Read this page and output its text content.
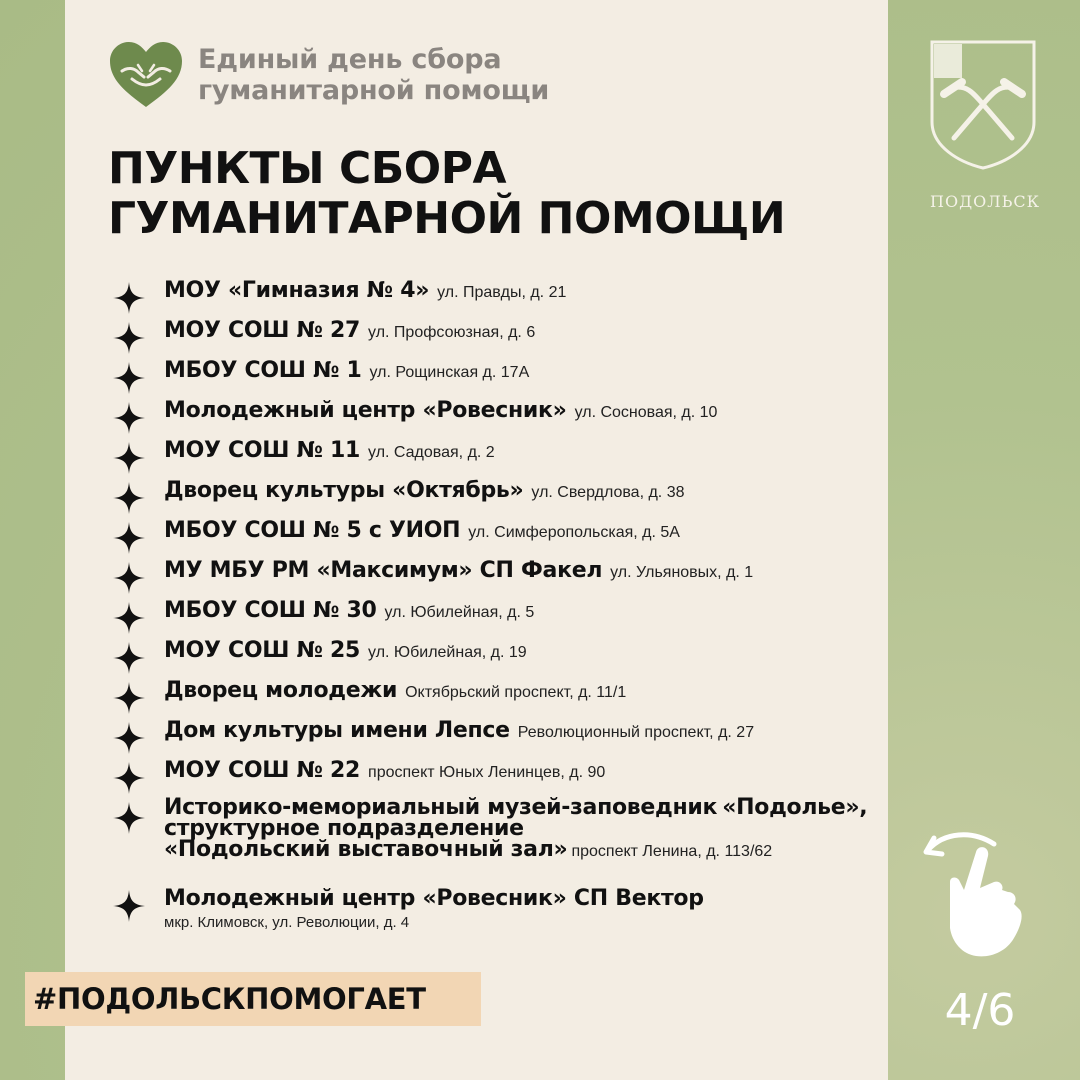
Единый день сбора
гуманитарной помощи
ПУНКТЫ СБОРА
ГУМАНИТАРНОЙ ПОМОЩИ
МОУ «Гимназия № 4» ул. Правды, д. 21
МОУ СОШ № 27 ул. Профсоюзная, д. 6
МБОУ СОШ № 1 ул. Рощинская д. 17А
Молодежный центр «Ровесник» ул. Сосновая, д. 10
МОУ СОШ № 11 ул. Садовая, д. 2
Дворец культуры «Октябрь» ул. Свердлова, д. 38
МБОУ СОШ № 5 с УИОП ул. Симферопольская, д. 5А
МУ МБУ РМ «Максимум» СП Факел ул. Ульяновых, д. 1
МБОУ СОШ № 30 ул. Юбилейная, д. 5
МОУ СОШ № 25 ул. Юбилейная, д. 19
Дворец молодежи Октябрьский проспект, д. 11/1
Дом культуры имени Лепсе Революционный проспект, д. 27
МОУ СОШ № 22 проспект Юных Ленинцев, д. 90
Историко-мемориальный музей-заповедник «Подолье», структурное подразделение
«Подольский выставочный зал» проспект Ленина, д. 113/62
Молодежный центр «Ровесник» СП Вектор
мкр. Климовск, ул. Революции, д. 4
#ПОДОЛЬСКПОМОГАЕТ
ПОДОЛЬСК
4/6
